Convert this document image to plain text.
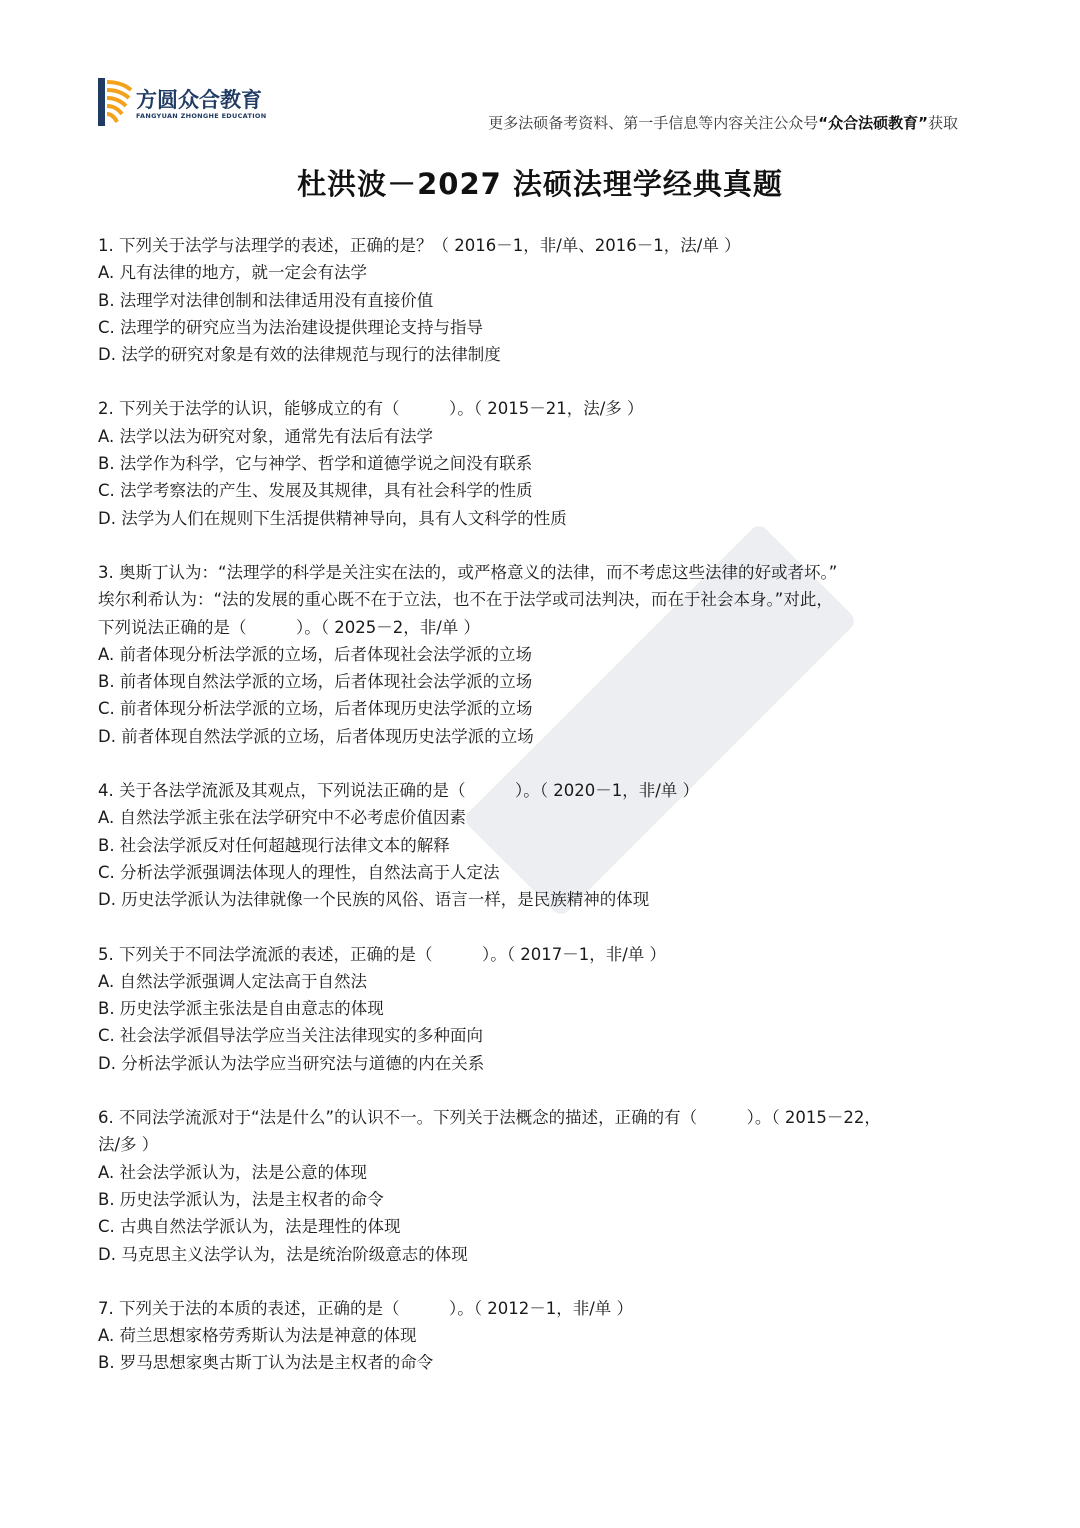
方圆众合教育
FANGYUAN ZHONGHE EDUCATION	更多法硕备考资料、第一手信息等内容关注公众号“众合法硕教育”获取
杜洪波－2027 法硕法理学经典真题
1. 下列关于法学与法理学的表述，正确的是？（ 2016－1，非/单、2016－1，法/单 ）
A. 凡有法律的地方，就一定会有法学
B. 法理学对法律创制和法律适用没有直接价值
C. 法理学的研究应当为法治建设提供理论支持与指导
D. 法学的研究对象是有效的法律规范与现行的法律制度
2. 下列关于法学的认识，能够成立的有（　　　）。（ 2015－21，法/多 ）
A. 法学以法为研究对象，通常先有法后有法学
B. 法学作为科学，它与神学、哲学和道德学说之间没有联系
C. 法学考察法的产生、发展及其规律，具有社会科学的性质
D. 法学为人们在规则下生活提供精神导向，具有人文科学的性质
3. 奥斯丁认为：“法理学的科学是关注实在法的，或严格意义的法律，而不考虑这些法律的好或者坏。”
埃尔利希认为：“法的发展的重心既不在于立法，也不在于法学或司法判决，而在于社会本身。”对此，
下列说法正确的是（　　　）。（ 2025－2，非/单 ）
A. 前者体现分析法学派的立场，后者体现社会法学派的立场
B. 前者体现自然法学派的立场，后者体现社会法学派的立场
C. 前者体现分析法学派的立场，后者体现历史法学派的立场
D. 前者体现自然法学派的立场，后者体现历史法学派的立场
4. 关于各法学流派及其观点，下列说法正确的是（　　　）。（ 2020－1，非/单 ）
A. 自然法学派主张在法学研究中不必考虑价值因素
B. 社会法学派反对任何超越现行法律文本的解释
C. 分析法学派强调法体现人的理性，自然法高于人定法
D. 历史法学派认为法律就像一个民族的风俗、语言一样，是民族精神的体现
5. 下列关于不同法学流派的表述，正确的是（　　　）。（ 2017－1，非/单 ）
A. 自然法学派强调人定法高于自然法
B. 历史法学派主张法是自由意志的体现
C. 社会法学派倡导法学应当关注法律现实的多种面向
D. 分析法学派认为法学应当研究法与道德的内在关系
6. 不同法学流派对于“法是什么”的认识不一。下列关于法概念的描述，正确的有（　　　）。（ 2015－22，
法/多 ）
A. 社会法学派认为，法是公意的体现
B. 历史法学派认为，法是主权者的命令
C. 古典自然法学派认为，法是理性的体现
D. 马克思主义法学认为，法是统治阶级意志的体现
7. 下列关于法的本质的表述，正确的是（　　　）。（ 2012－1，非/单 ）
A. 荷兰思想家格劳秀斯认为法是神意的体现
B. 罗马思想家奥古斯丁认为法是主权者的命令
